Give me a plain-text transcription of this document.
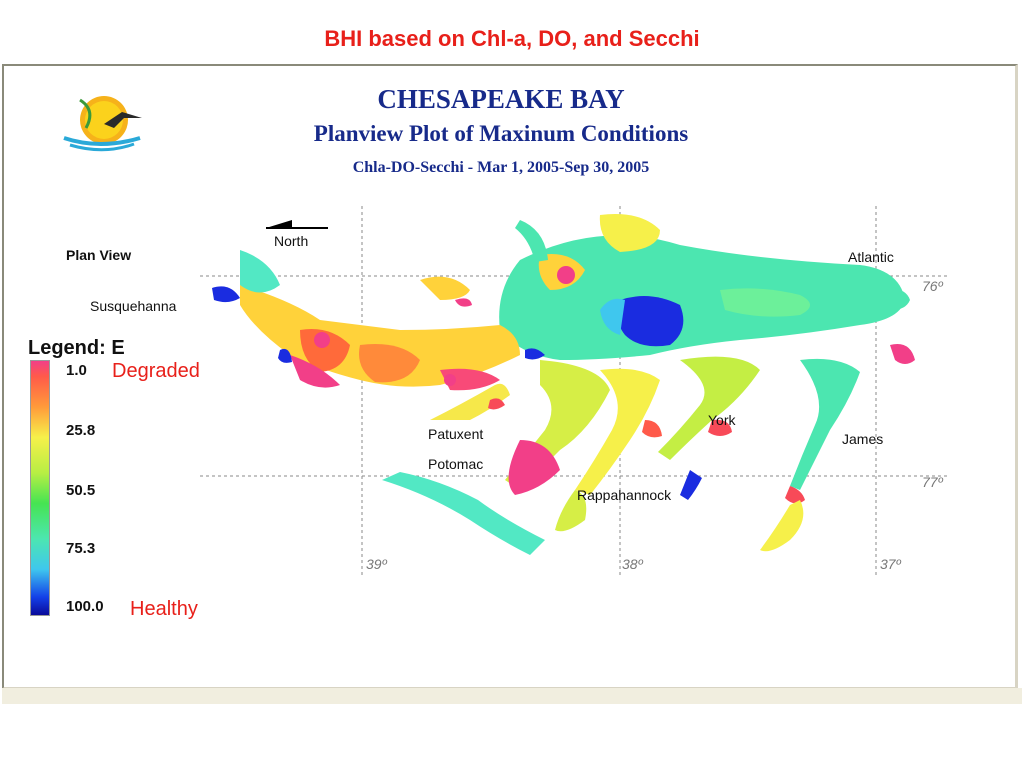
BHI based on Chl-a, DO, and Secchi
CHESAPEAKE BAY
Planview Plot of Maxinum Conditions
Chla-DO-Secchi - Mar 1, 2005-Sep 30, 2005
Plan View
North
Susquehanna
Atlantic
Patuxent
Potomac
York
Rappahannock
James
76º
77º
39º	38º	37º
Legend: E
1.0
25.8
50.5
75.3
100.0
Degraded
Healthy
